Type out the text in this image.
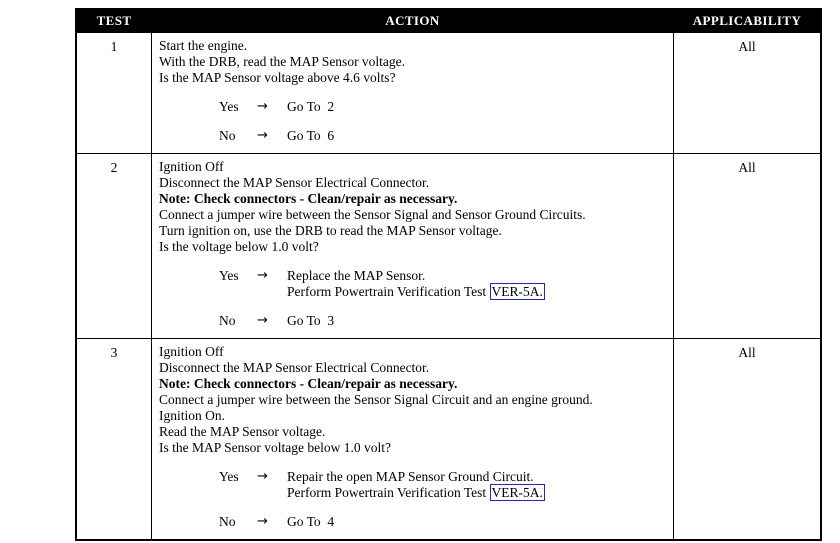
TEST	ACTION	APPLICABILITY
1	Start the engine.
With the DRB, read the MAP Sensor voltage.
Is the MAP Sensor voltage above 4.6 volts?
Yes	→	Go To  2
No	→	Go To  6
	All
2	Ignition Off
Disconnect the MAP Sensor Electrical Connector.
Note: Check connectors - Clean/repair as necessary.
Connect a jumper wire between the Sensor Signal and Sensor Ground Circuits.
Turn ignition on, use the DRB to read the MAP Sensor voltage.
Is the voltage below 1.0 volt?
Yes	→	Replace the MAP Sensor.
Perform Powertrain Verification Test VER-5A.
No	→	Go To  3
	All
3	Ignition Off
Disconnect the MAP Sensor Electrical Connector.
Note: Check connectors - Clean/repair as necessary.
Connect a jumper wire between the Sensor Signal Circuit and an engine ground.
Ignition On.
Read the MAP Sensor voltage.
Is the MAP Sensor voltage below 1.0 volt?
Yes	→	Repair the open MAP Sensor Ground Circuit.
Perform Powertrain Verification Test VER-5A.
No	→	Go To  4
	All
